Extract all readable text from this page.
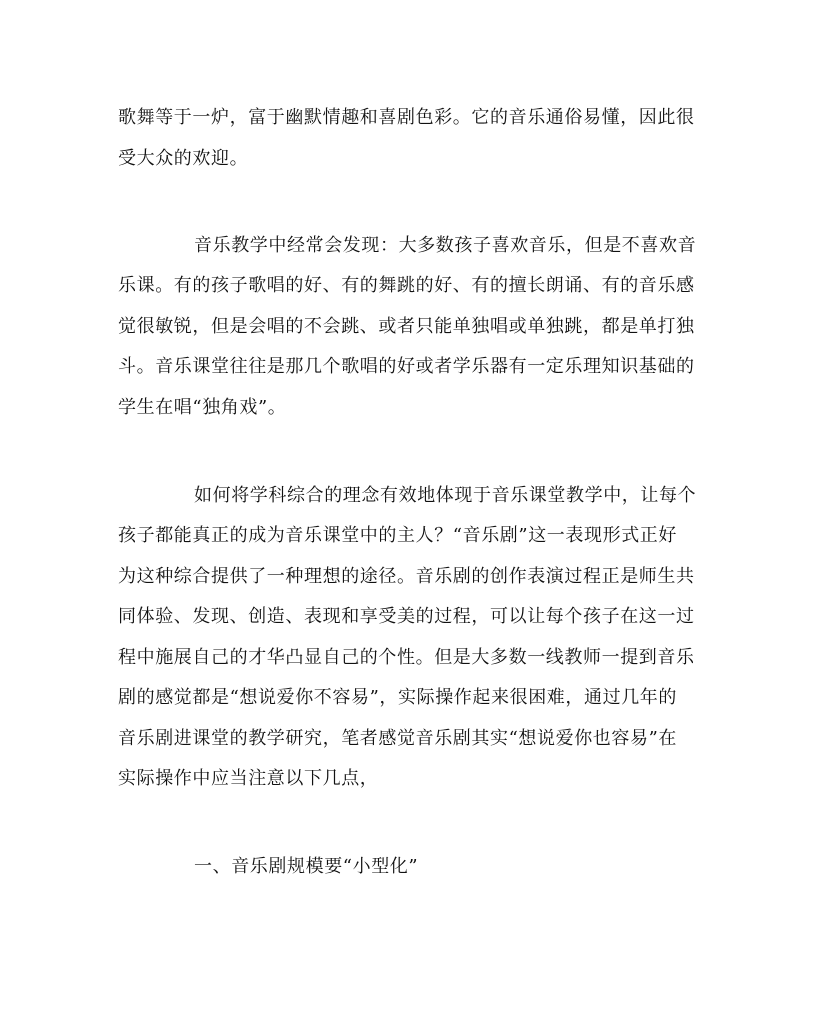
歌舞等于一炉，富于幽默情趣和喜剧色彩。它的音乐通俗易懂，因此很

受大众的欢迎。

音乐教学中经常会发现：大多数孩子喜欢音乐，但是不喜欢音

乐课。有的孩子歌唱的好、有的舞跳的好、有的擅长朗诵、有的音乐感

觉很敏锐，但是会唱的不会跳、或者只能单独唱或单独跳，都是单打独

斗。音乐课堂往往是那几个歌唱的好或者学乐器有一定乐理知识基础的

学生在唱“独角戏”。

如何将学科综合的理念有效地体现于音乐课堂教学中，让每个

孩子都能真正的成为音乐课堂中的主人？“音乐剧”这一表现形式正好

为这种综合提供了一种理想的途径。音乐剧的创作表演过程正是师生共

同体验、发现、创造、表现和享受美的过程，可以让每个孩子在这一过

程中施展自己的才华凸显自己的个性。但是大多数一线教师一提到音乐

剧的感觉都是“想说爱你不容易”，实际操作起来很困难，通过几年的

音乐剧进课堂的教学研究，笔者感觉音乐剧其实“想说爱你也容易”在

实际操作中应当注意以下几点，

一、音乐剧规模要“小型化”
